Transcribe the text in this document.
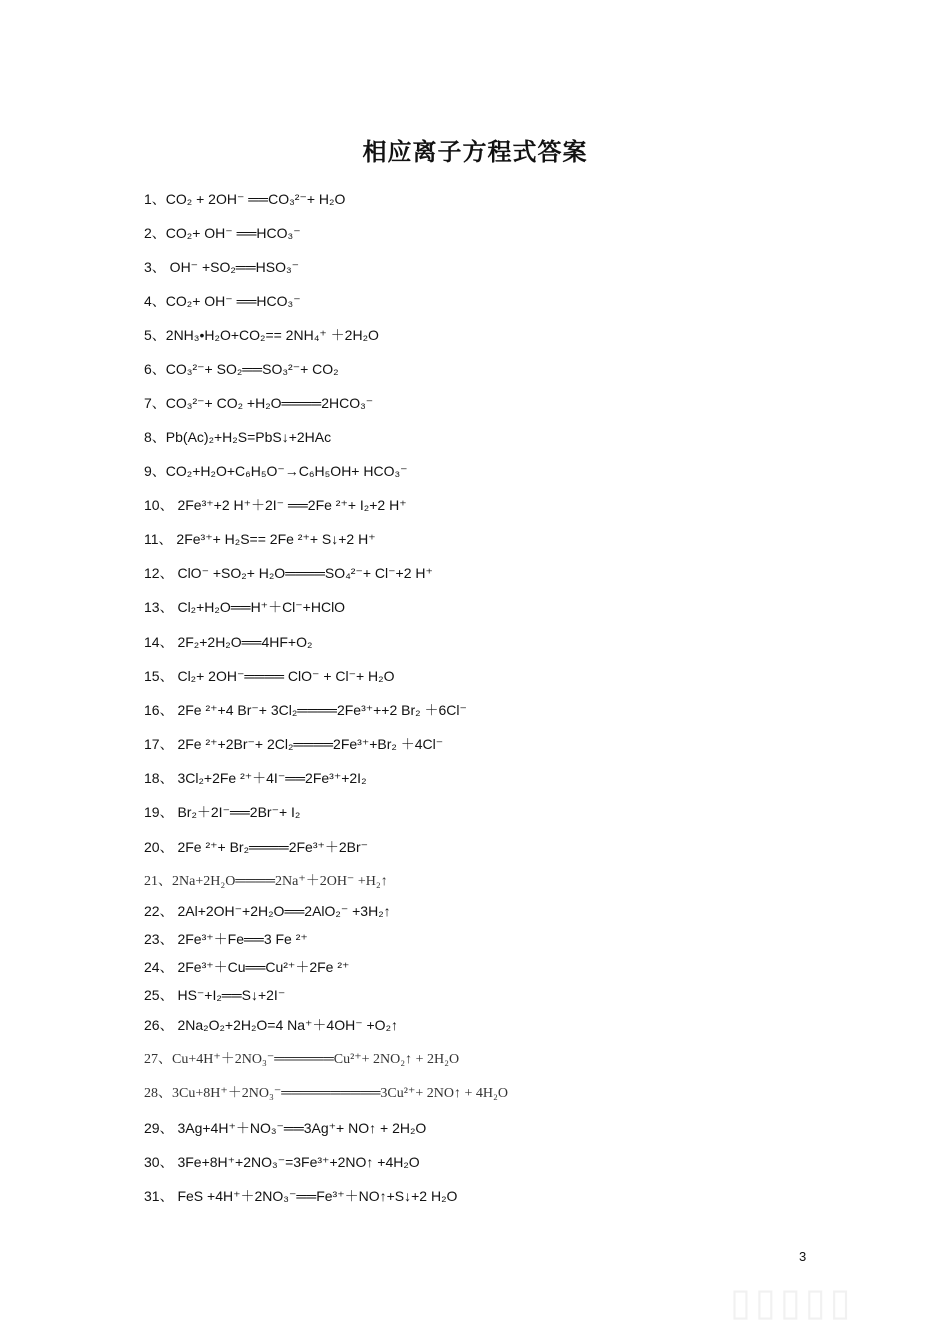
相应离子方程式答案
1、CO₂ + 2OH⁻ ══CO₃²⁻+ H₂O
2、CO₂+ OH⁻ ══HCO₃⁻
3、 OH⁻ +SO₂══HSO₃⁻
4、CO₂+ OH⁻ ══HCO₃⁻
5、2NH₃•H₂O+CO₂== 2NH₄⁺ ＋2H₂O
6、CO₃²⁻+ SO₂══SO₃²⁻+ CO₂
7、CO₃²⁻+ CO₂ +H₂O════2HCO₃⁻
8、Pb(Ac)₂+H₂S=PbS↓+2HAc
9、CO₂+H₂O+C₆H₅O⁻→C₆H₅OH+ HCO₃⁻
10、 2Fe³⁺+2 H⁺＋2I⁻ ══2Fe ²⁺+ I₂+2 H⁺
11、 2Fe³⁺+ H₂S== 2Fe ²⁺+ S↓+2 H⁺
12、 ClO⁻ +SO₂+ H₂O════SO₄²⁻+ Cl⁻+2 H⁺
13、 Cl₂+H₂O══H⁺＋Cl⁻+HClO
14、 2F₂+2H₂O══4HF+O₂
15、 Cl₂+ 2OH⁻════ ClO⁻ + Cl⁻+ H₂O
16、 2Fe ²⁺+4 Br⁻+ 3Cl₂════2Fe³⁺++2 Br₂ ＋6Cl⁻
17、 2Fe ²⁺+2Br⁻+ 2Cl₂════2Fe³⁺+Br₂ ＋4Cl⁻
18、 3Cl₂+2Fe ²⁺＋4I⁻══2Fe³⁺+2I₂
19、 Br₂＋2I⁻══2Br⁻+ I₂
20、 2Fe ²⁺+ Br₂════2Fe³⁺＋2Br⁻
21、2Na+2H₂O════2Na⁺＋2OH⁻ +H₂↑
22、 2Al+2OH⁻+2H₂O══2AlO₂⁻ +3H₂↑
23、 2Fe³⁺＋Fe══3 Fe ²⁺
24、 2Fe³⁺＋Cu══Cu²⁺＋2Fe ²⁺
25、 HS⁻+I₂══S↓+2I⁻
26、 2Na₂O₂+2H₂O=4 Na⁺＋4OH⁻ +O₂↑
27、Cu+4H⁺＋2NO₃⁻══════Cu²⁺+ 2NO₂↑ + 2H₂O
28、3Cu+8H⁺＋2NO₃⁻══════════3Cu²⁺+ 2NO↑ + 4H₂O
29、 3Ag+4H⁺＋NO₃⁻══3Ag⁺+ NO↑ + 2H₂O
30、 3Fe+8H⁺+2NO₃⁻=3Fe³⁺+2NO↑ +4H₂O
31、 FeS +4H⁺＋2NO₃⁻══Fe³⁺＋NO↑+S↓+2 H₂O
3
▯▯▯▯▯
